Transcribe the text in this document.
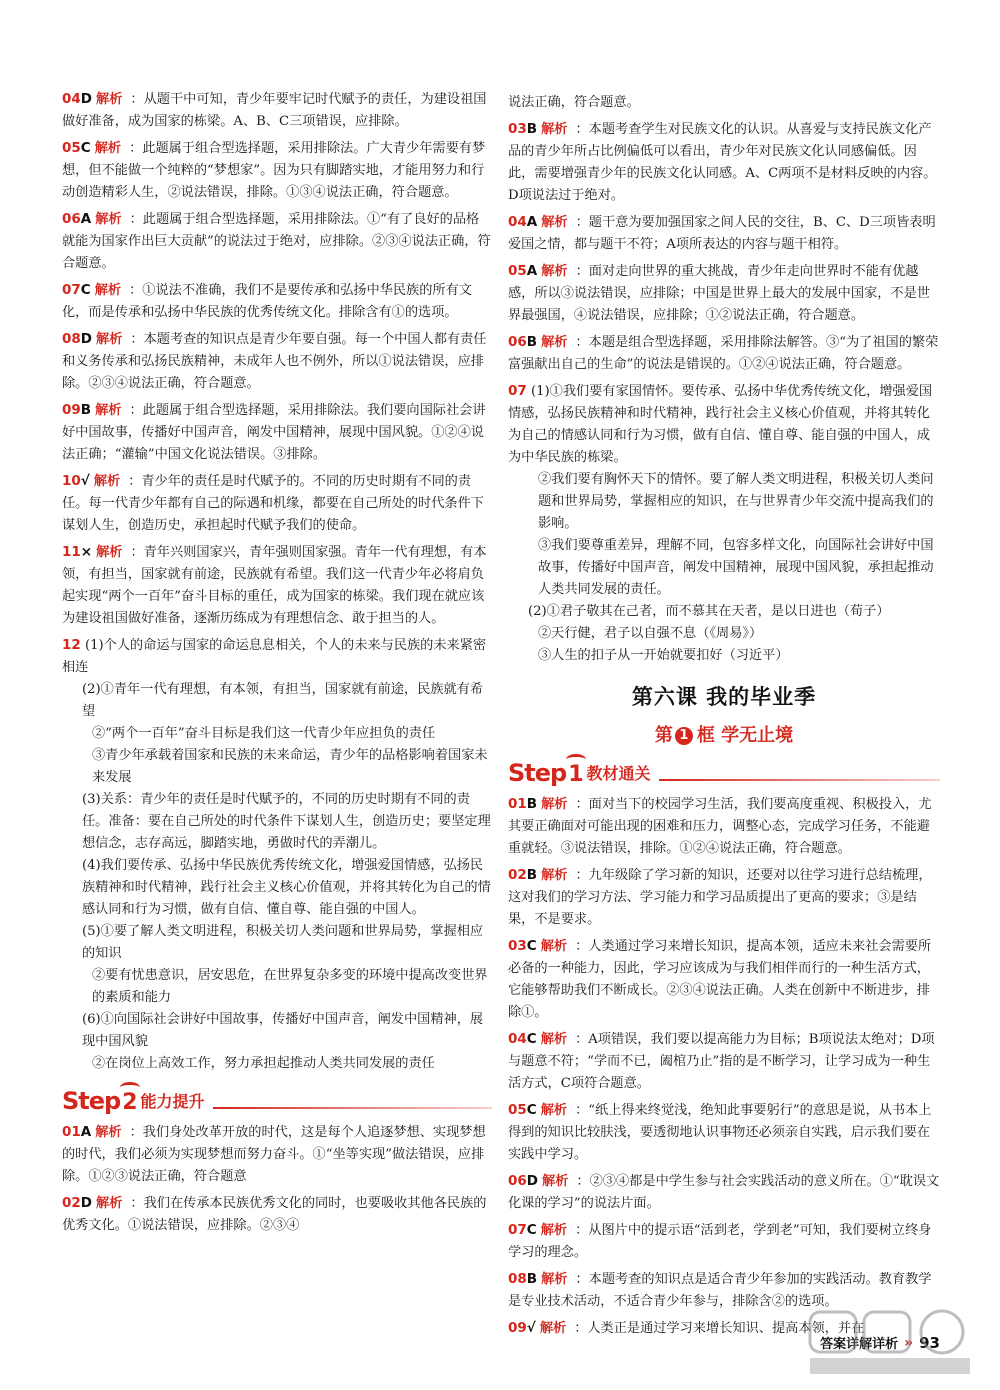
04D 解析 ：从题干中可知，青少年要牢记时代赋予的责任，为建设祖国做好准备，成为国家的栋梁。A、B、C三项错误，应排除。

05C 解析 ：此题属于组合型选择题，采用排除法。广大青少年需要有梦想，但不能做一个纯粹的“梦想家”。因为只有脚踏实地，才能用努力和行动创造精彩人生，②说法错误，排除。①③④说法正确，符合题意。

06A 解析 ：此题属于组合型选择题，采用排除法。①“有了良好的品格就能为国家作出巨大贡献”的说法过于绝对，应排除。②③④说法正确，符合题意。

07C 解析 ：①说法不准确，我们不是要传承和弘扬中华民族的所有文化，而是传承和弘扬中华民族的优秀传统文化。排除含有①的选项。

08D 解析 ：本题考查的知识点是青少年要自强。每一个中国人都有责任和义务传承和弘扬民族精神，未成年人也不例外，所以①说法错误，应排除。②③④说法正确，符合题意。

09B 解析 ：此题属于组合型选择题，采用排除法。我们要向国际社会讲好中国故事，传播好中国声音，阐发中国精神，展现中国风貌。①②④说法正确；“灌输”中国文化说法错误。③排除。

10√ 解析 ：青少年的责任是时代赋予的。不同的历史时期有不同的责任。每一代青少年都有自己的际遇和机缘，都要在自己所处的时代条件下谋划人生，创造历史，承担起时代赋予我们的使命。

11× 解析 ：青年兴则国家兴，青年强则国家强。青年一代有理想，有本领，有担当，国家就有前途，民族就有希望。我们这一代青少年必将肩负起实现“两个一百年”奋斗目标的重任，成为国家的栋梁。我们现在就应该为建设祖国做好准备，逐渐历练成为有理想信念、敢于担当的人。

12 (1)个人的命运与国家的命运息息相关，个人的未来与民族的未来紧密相连

(2)①青年一代有理想，有本领，有担当，国家就有前途，民族就有希望

②“两个一百年”奋斗目标是我们这一代青少年应担负的责任

③青少年承载着国家和民族的未来命运，青少年的品格影响着国家未来发展

(3)关系：青少年的责任是时代赋予的，不同的历史时期有不同的责任。准备：要在自己所处的时代条件下谋划人生，创造历史；要坚定理想信念，志存高远，脚踏实地，勇做时代的弄潮儿。

(4)我们要传承、弘扬中华民族优秀传统文化，增强爱国情感，弘扬民族精神和时代精神，践行社会主义核心价值观，并将其转化为自己的情感认同和行为习惯，做有自信、懂自尊、能自强的中国人。

(5)①要了解人类文明进程，积极关切人类问题和世界局势，掌握相应的知识

②要有忧患意识，居安思危，在世界复杂多变的环境中提高改变世界的素质和能力

(6)①向国际社会讲好中国故事，传播好中国声音，阐发中国精神，展现中国风貌

②在岗位上高效工作，努力承担起推动人类共同发展的责任

Step 2 能力提升

01A 解析 ：我们身处改革开放的时代，这是每个人追逐梦想、实现梦想的时代，我们必须为实现梦想而努力奋斗。①“坐等实现”做法错误，应排除。①②③说法正确，符合题意

02D 解析 ：我们在传承本民族优秀文化的同时，也要吸收其他各民族的优秀文化。①说法错误，应排除。②③④

说法正确，符合题意。

03B 解析 ：本题考查学生对民族文化的认识。从喜爱与支持民族文化产品的青少年所占比例偏低可以看出，青少年对民族文化认同感偏低。因此，需要增强青少年的民族文化认同感。A、C两项不是材料反映的内容。D项说法过于绝对。

04A 解析 ：题干意为要加强国家之间人民的交往，B、C、D三项皆表明爱国之情，都与题干不符；A项所表达的内容与题干相符。

05A 解析 ：面对走向世界的重大挑战，青少年走向世界时不能有优越感，所以③说法错误，应排除；中国是世界上最大的发展中国家，不是世界最强国，④说法错误，应排除；①②说法正确，符合题意。

06B 解析 ：本题是组合型选择题，采用排除法解答。③“为了祖国的繁荣富强献出自己的生命”的说法是错误的。①②④说法正确，符合题意。

07 (1)①我们要有家国情怀。要传承、弘扬中华优秀传统文化，增强爱国情感，弘扬民族精神和时代精神，践行社会主义核心价值观，并将其转化为自己的情感认同和行为习惯，做有自信、懂自尊、能自强的中国人，成为中华民族的栋梁。

②我们要有胸怀天下的情怀。要了解人类文明进程，积极关切人类问题和世界局势，掌握相应的知识，在与世界青少年交流中提高我们的影响。

③我们要尊重差异，理解不同，包容多样文化，向国际社会讲好中国故事，传播好中国声音，阐发中国精神，展现中国风貌，承担起推动人类共同发展的责任。

(2)①君子敬其在己者，而不慕其在天者，是以日进也（荀子）

②天行健，君子以自强不息（《周易》）

③人生的扣子从一开始就要扣好（习近平）

第六课 我的毕业季
第 1 框 学无止境
Step 1 教材通关

01B 解析 ：面对当下的校园学习生活，我们要高度重视、积极投入，尤其要正确面对可能出现的困难和压力，调整心态，完成学习任务，不能避重就轻。③说法错误，排除。①②④说法正确，符合题意。

02B 解析 ：九年级除了学习新的知识，还要对以往学习进行总结梳理，这对我们的学习方法、学习能力和学习品质提出了更高的要求；③是结果，不是要求。

03C 解析 ：人类通过学习来增长知识，提高本领，适应未来社会需要所必备的一种能力，因此，学习应该成为与我们相伴而行的一种生活方式，它能够帮助我们不断成长。②③④说法正确。人类在创新中不断进步，排除①。

04C 解析 ：A项错误，我们要以提高能力为目标；B项说法太绝对；D项与题意不符；“学而不已，阖棺乃止”指的是不断学习，让学习成为一种生活方式，C项符合题意。

05C 解析 ：“纸上得来终觉浅，绝知此事要躬行”的意思是说，从书本上得到的知识比较肤浅，要透彻地认识事物还必须亲自实践，启示我们要在实践中学习。

06D 解析 ：②③④都是中学生参与社会实践活动的意义所在。①“耽误文化课的学习”的说法片面。

07C 解析 ：从图片中的提示语“活到老，学到老”可知，我们要树立终身学习的理念。

08B 解析 ：本题考查的知识点是适合青少年参加的实践活动。教育教学是专业技术活动，不适合青少年参与，排除含②的选项。

09√ 解析 ：人类正是通过学习来增长知识、提高本领，并在

答案详解详析 » 93
